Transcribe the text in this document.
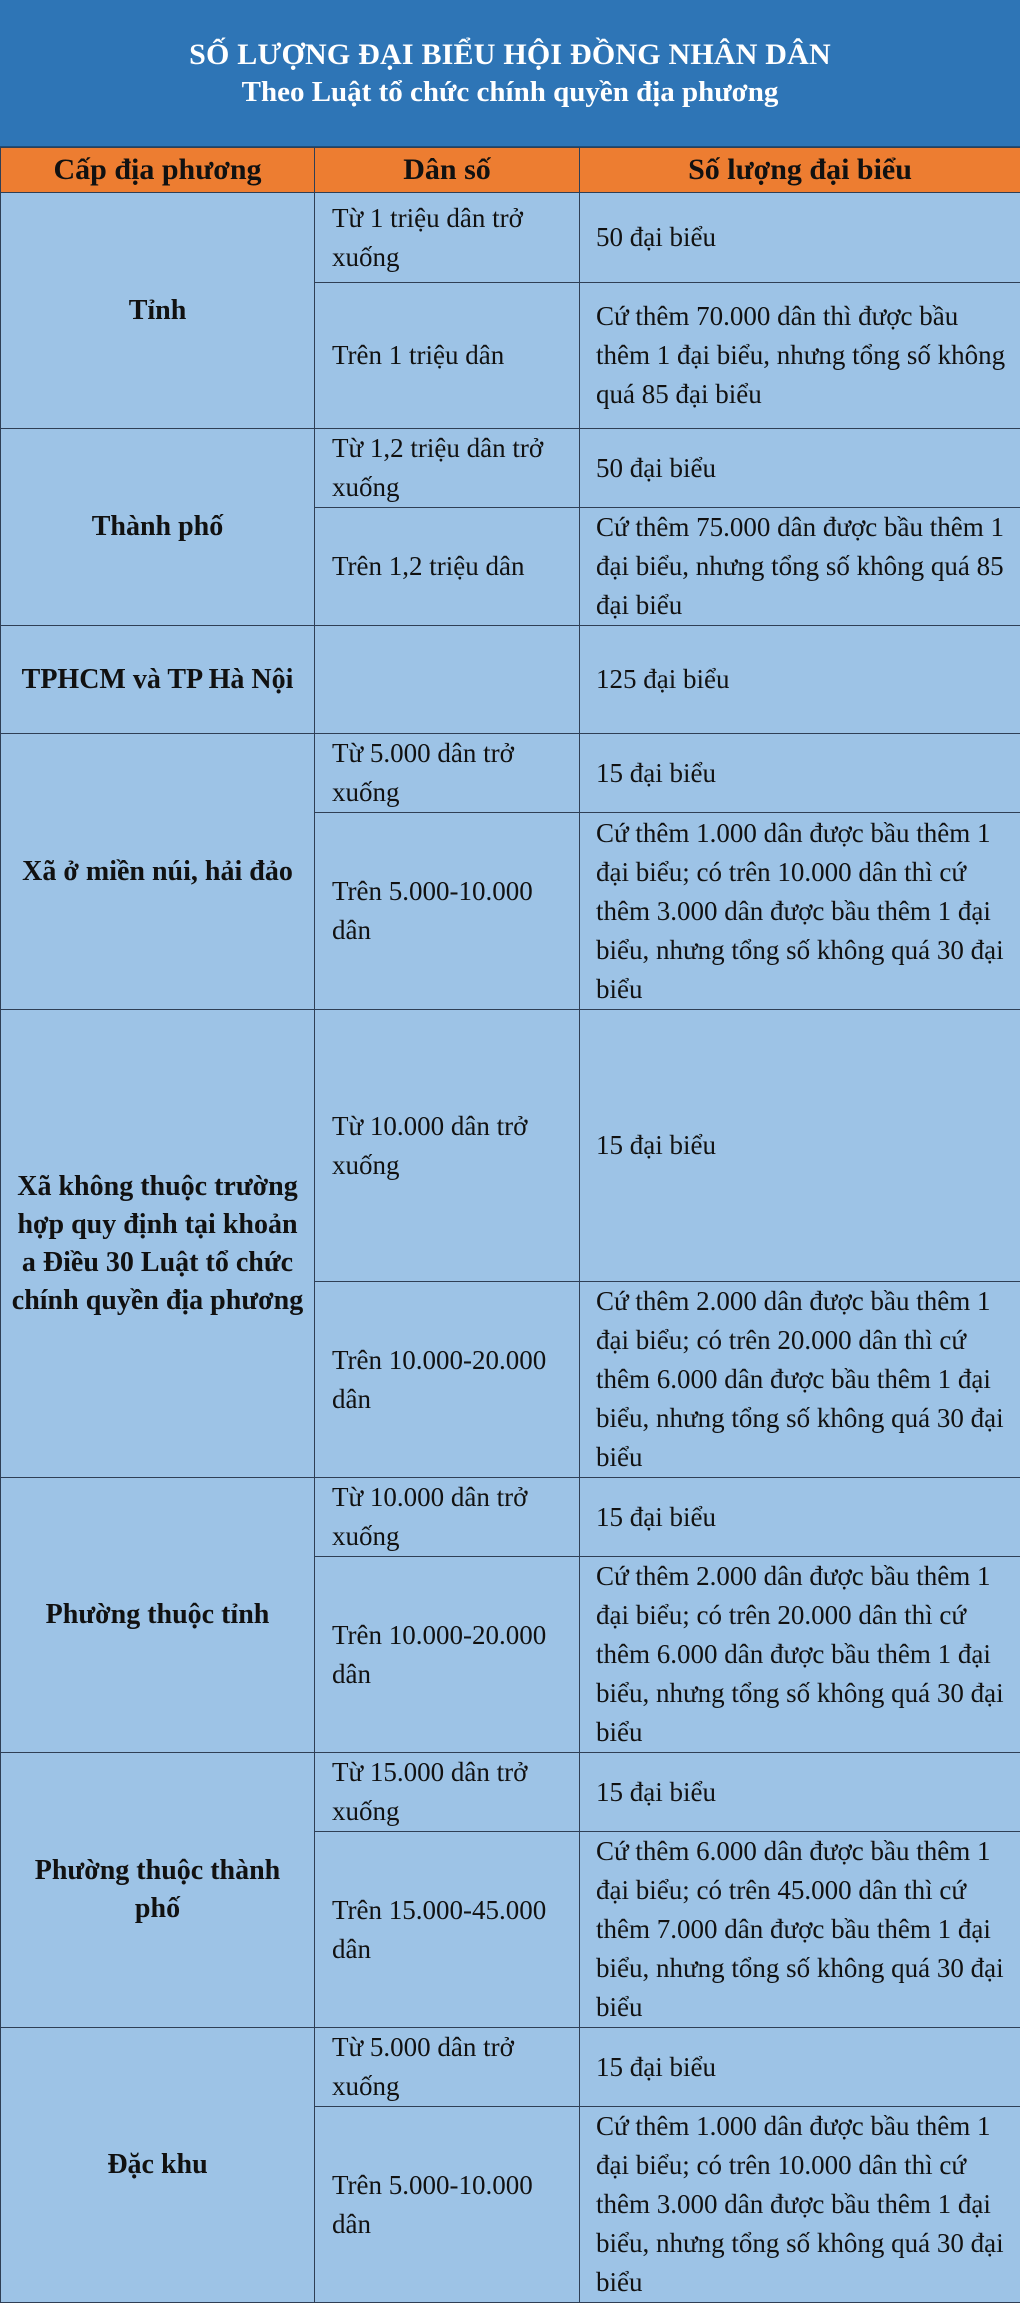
SỐ LƯỢNG ĐẠI BIỂU HỘI ĐỒNG NHÂN DÂN
Theo Luật tổ chức chính quyền địa phương
Cấp địa phương	Dân số	Số lượng đại biểu
Tỉnh	Từ 1 triệu dân trở xuống	50 đại biểu
	Trên 1 triệu dân	Cứ thêm 70.000 dân thì được bầu thêm 1 đại biểu, nhưng tổng số không quá 85 đại biểu
Thành phố	Từ 1,2 triệu dân trở xuống	50 đại biểu
	Trên 1,2 triệu dân	Cứ thêm 75.000 dân được bầu thêm 1 đại biểu, nhưng tổng số không quá 85 đại biểu
TPHCM và TP Hà Nội		125 đại biểu
Xã ở miền núi, hải đảo	Từ 5.000 dân trở xuống	15 đại biểu
	Trên 5.000-10.000 dân	Cứ thêm 1.000 dân được bầu thêm 1 đại biểu; có trên 10.000 dân thì cứ thêm 3.000 dân được bầu thêm 1 đại biểu, nhưng tổng số không quá 30 đại biểu
Xã không thuộc trường hợp quy định tại khoản a Điều 30 Luật tổ chức chính quyền địa phương	Từ 10.000 dân trở xuống	15 đại biểu
	Trên 10.000-20.000 dân	Cứ thêm 2.000 dân được bầu thêm 1 đại biểu; có trên 20.000 dân thì cứ thêm 6.000 dân được bầu thêm 1 đại biểu, nhưng tổng số không quá 30 đại biểu
Phường thuộc tỉnh	Từ 10.000 dân trở xuống	15 đại biểu
	Trên 10.000-20.000 dân	Cứ thêm 2.000 dân được bầu thêm 1 đại biểu; có trên 20.000 dân thì cứ thêm 6.000 dân được bầu thêm 1 đại biểu, nhưng tổng số không quá 30 đại biểu
Phường thuộc thành phố	Từ 15.000 dân trở xuống	15 đại biểu
	Trên 15.000-45.000 dân	Cứ thêm 6.000 dân được bầu thêm 1 đại biểu; có trên 45.000 dân thì cứ thêm 7.000 dân được bầu thêm 1 đại biểu, nhưng tổng số không quá 30 đại biểu
Đặc khu	Từ 5.000 dân trở xuống	15 đại biểu
	Trên 5.000-10.000 dân	Cứ thêm 1.000 dân được bầu thêm 1 đại biểu; có trên 10.000 dân thì cứ thêm 3.000 dân được bầu thêm 1 đại biểu, nhưng tổng số không quá 30 đại biểu
